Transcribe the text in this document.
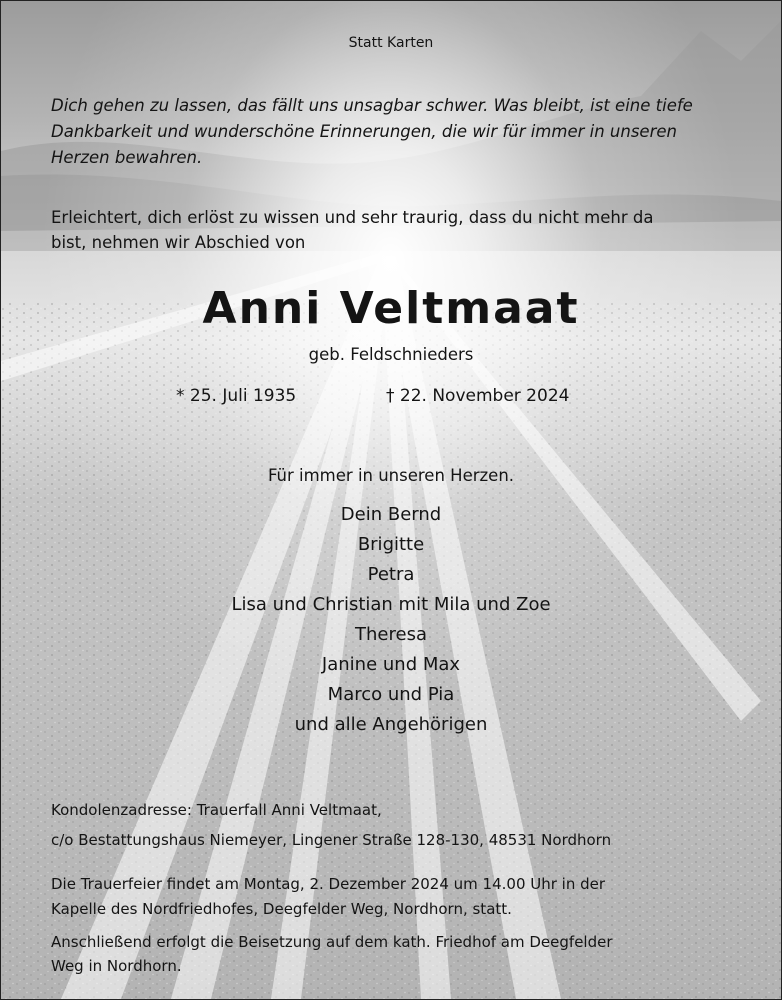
Statt Karten

Dich gehen zu lassen, das fällt uns unsagbar schwer. Was bleibt, ist eine tiefe

Dankbarkeit und wunderschöne Erinnerungen, die wir für immer in unseren

Herzen bewahren.

Erleichtert, dich erlöst zu wissen und sehr traurig, dass du nicht mehr da

bist, nehmen wir Abschied von

Anni Veltmaat

geb. Feldschnieders

* 25. Juli 1935	† 22. November 2024

Für immer in unseren Herzen.

Dein Bernd

Brigitte

Petra

Lisa und Christian mit Mila und Zoe

Theresa

Janine und Max

Marco und Pia

und alle Angehörigen

Kondolenzadresse: Trauerfall Anni Veltmaat,

c/o Bestattungshaus Niemeyer, Lingener Straße 128-130, 48531 Nordhorn

Die Trauerfeier findet am Montag, 2. Dezember 2024 um 14.00 Uhr in der

Kapelle des Nordfriedhofes, Deegfelder Weg, Nordhorn, statt.

Anschließend erfolgt die Beisetzung auf dem kath. Friedhof am Deegfelder

Weg in Nordhorn.
